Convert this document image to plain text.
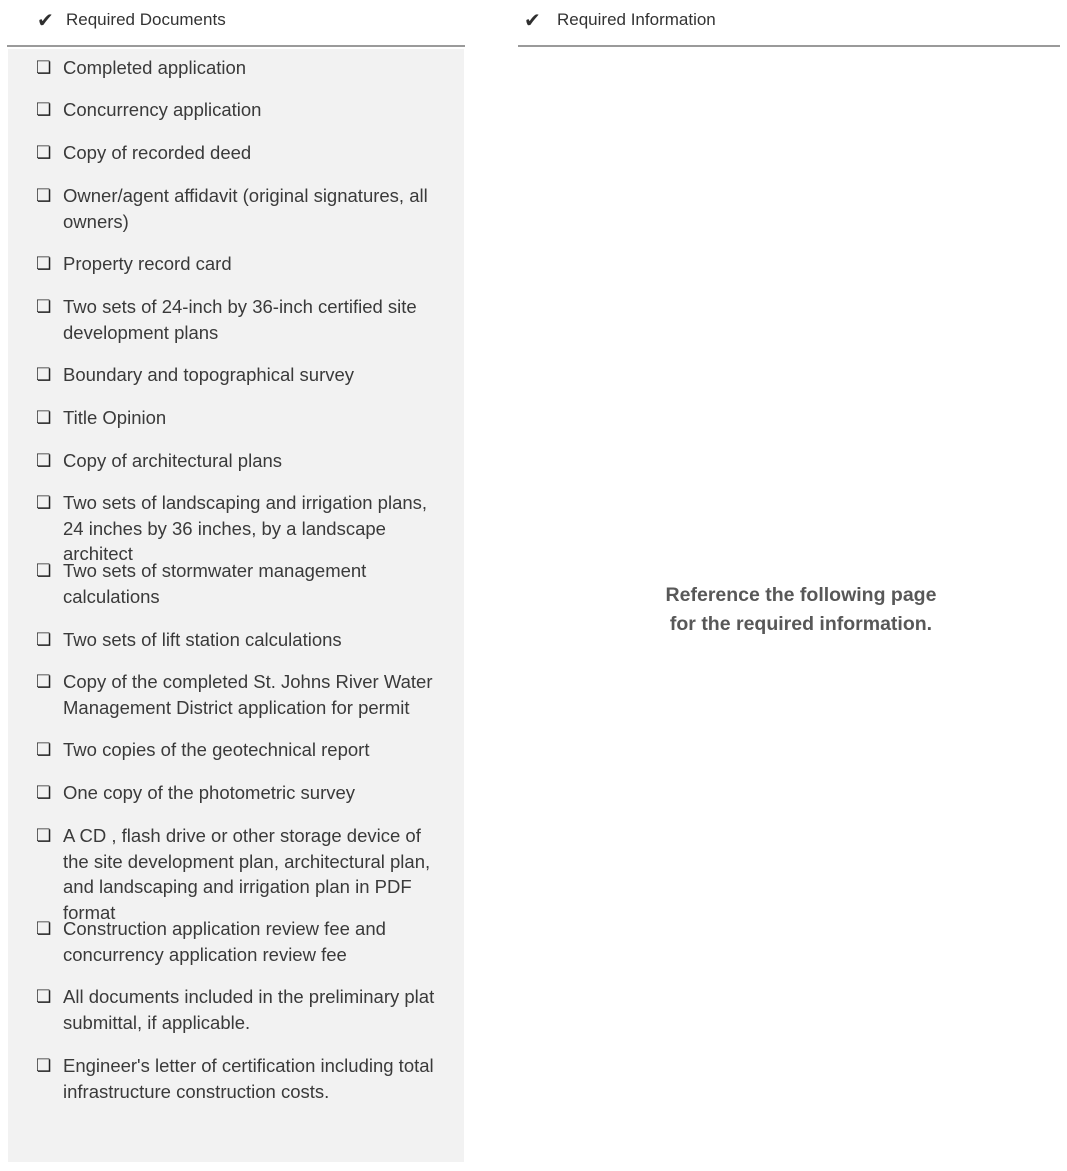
✔ Required Documents
❏ Completed application
❏ Concurrency application
❏ Copy of recorded deed
❏ Owner/agent affidavit (original signatures, all owners)
❏ Property record card
❏ Two sets of 24-inch by 36-inch certified site development plans
❏ Boundary and topographical survey
❏ Title Opinion
❏ Copy of architectural plans
❏ Two sets of landscaping and irrigation plans, 24 inches by 36 inches, by a landscape architect
❏ Two sets of stormwater management calculations
❏ Two sets of lift station calculations
❏ Copy of the completed St. Johns River Water Management District application for permit
❏ Two copies of the geotechnical report
❏ One copy of the photometric survey
❏ A CD , flash drive or other storage device of the site development plan, architectural plan, and landscaping and irrigation plan in PDF format
❏ Construction application review fee and concurrency application review fee
❏ All documents included in the preliminary plat submittal, if applicable.
❏ Engineer's letter of certification including total infrastructure construction costs.
✔ Required Information
Reference the following page
for the required information.
